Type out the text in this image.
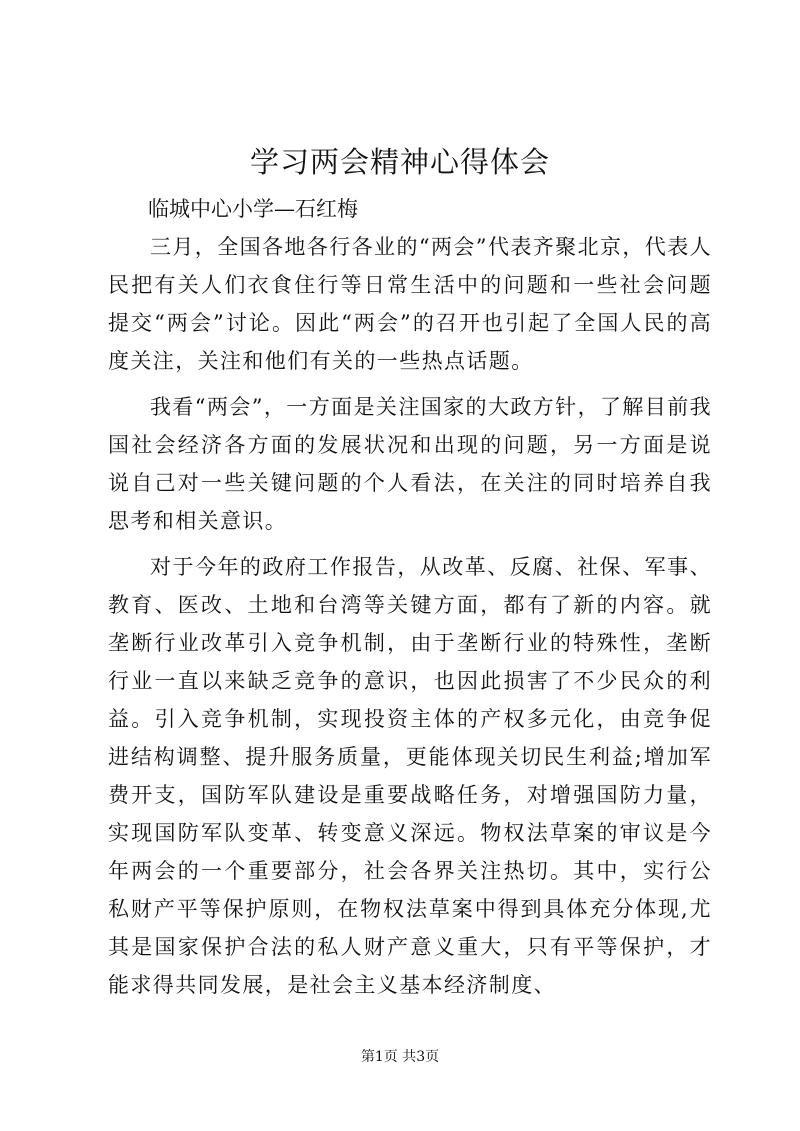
学习两会精神心得体会

临城中心小学—石红梅

三月，全国各地各行各业的“两会”代表齐聚北京，代表人民把有关人们衣食住行等日常生活中的问题和一些社会问题提交“两会”讨论。因此“两会”的召开也引起了全国人民的高度关注，关注和他们有关的一些热点话题。

我看“两会”，一方面是关注国家的大政方针，了解目前我国社会经济各方面的发展状况和出现的问题，另一方面是说说自己对一些关键问题的个人看法，在关注的同时培养自我思考和相关意识。

对于今年的政府工作报告，从改革、反腐、社保、军事、教育、医改、土地和台湾等关键方面，都有了新的内容。就垄断行业改革引入竞争机制，由于垄断行业的特殊性，垄断行业一直以来缺乏竞争的意识，也因此损害了不少民众的利益。引入竞争机制，实现投资主体的产权多元化，由竞争促进结构调整、提升服务质量，更能体现关切民生利益;增加军费开支，国防军队建设是重要战略任务，对增强国防力量，实现国防军队变革、转变意义深远。物权法草案的审议是今年两会的一个重要部分，社会各界关注热切。其中，实行公私财产平等保护原则，在物权法草案中得到具体充分体现,尤其是国家保护合法的私人财产意义重大，只有平等保护，才能求得共同发展，是社会主义基本经济制度、

第1页 共3页
